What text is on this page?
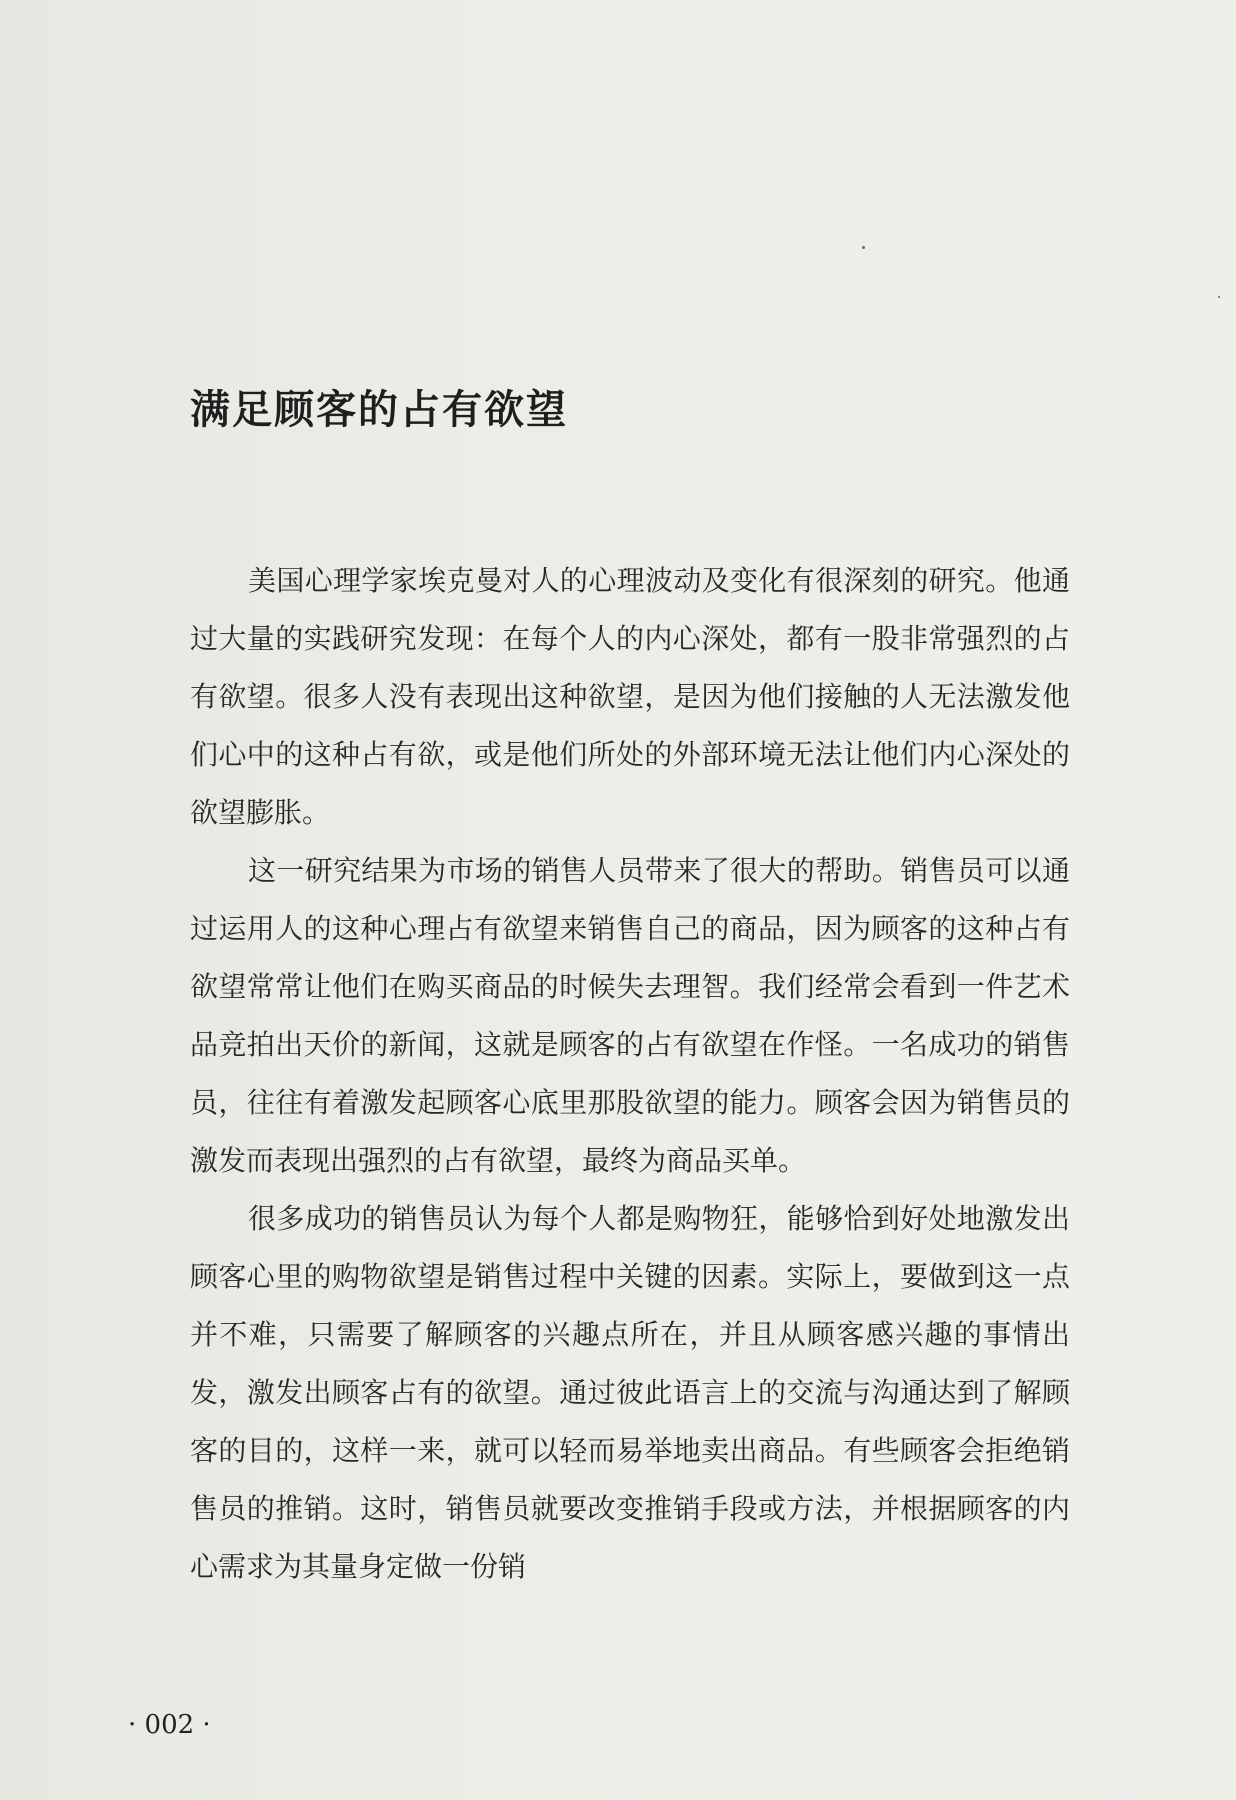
满足顾客的占有欲望

美国心理学家埃克曼对人的心理波动及变化有很深刻的研究。他通过大量的实践研究发现：在每个人的内心深处，都有一股非常强烈的占有欲望。很多人没有表现出这种欲望，是因为他们接触的人无法激发他们心中的这种占有欲，或是他们所处的外部环境无法让他们内心深处的欲望膨胀。

这一研究结果为市场的销售人员带来了很大的帮助。销售员可以通过运用人的这种心理占有欲望来销售自己的商品，因为顾客的这种占有欲望常常让他们在购买商品的时候失去理智。我们经常会看到一件艺术品竞拍出天价的新闻，这就是顾客的占有欲望在作怪。一名成功的销售员，往往有着激发起顾客心底里那股欲望的能力。顾客会因为销售员的激发而表现出强烈的占有欲望，最终为商品买单。

很多成功的销售员认为每个人都是购物狂，能够恰到好处地激发出顾客心里的购物欲望是销售过程中关键的因素。实际上，要做到这一点并不难，只需要了解顾客的兴趣点所在，并且从顾客感兴趣的事情出发，激发出顾客占有的欲望。通过彼此语言上的交流与沟通达到了解顾客的目的，这样一来，就可以轻而易举地卖出商品。有些顾客会拒绝销售员的推销。这时，销售员就要改变推销手段或方法，并根据顾客的内心需求为其量身定做一份销

· 002 ·
